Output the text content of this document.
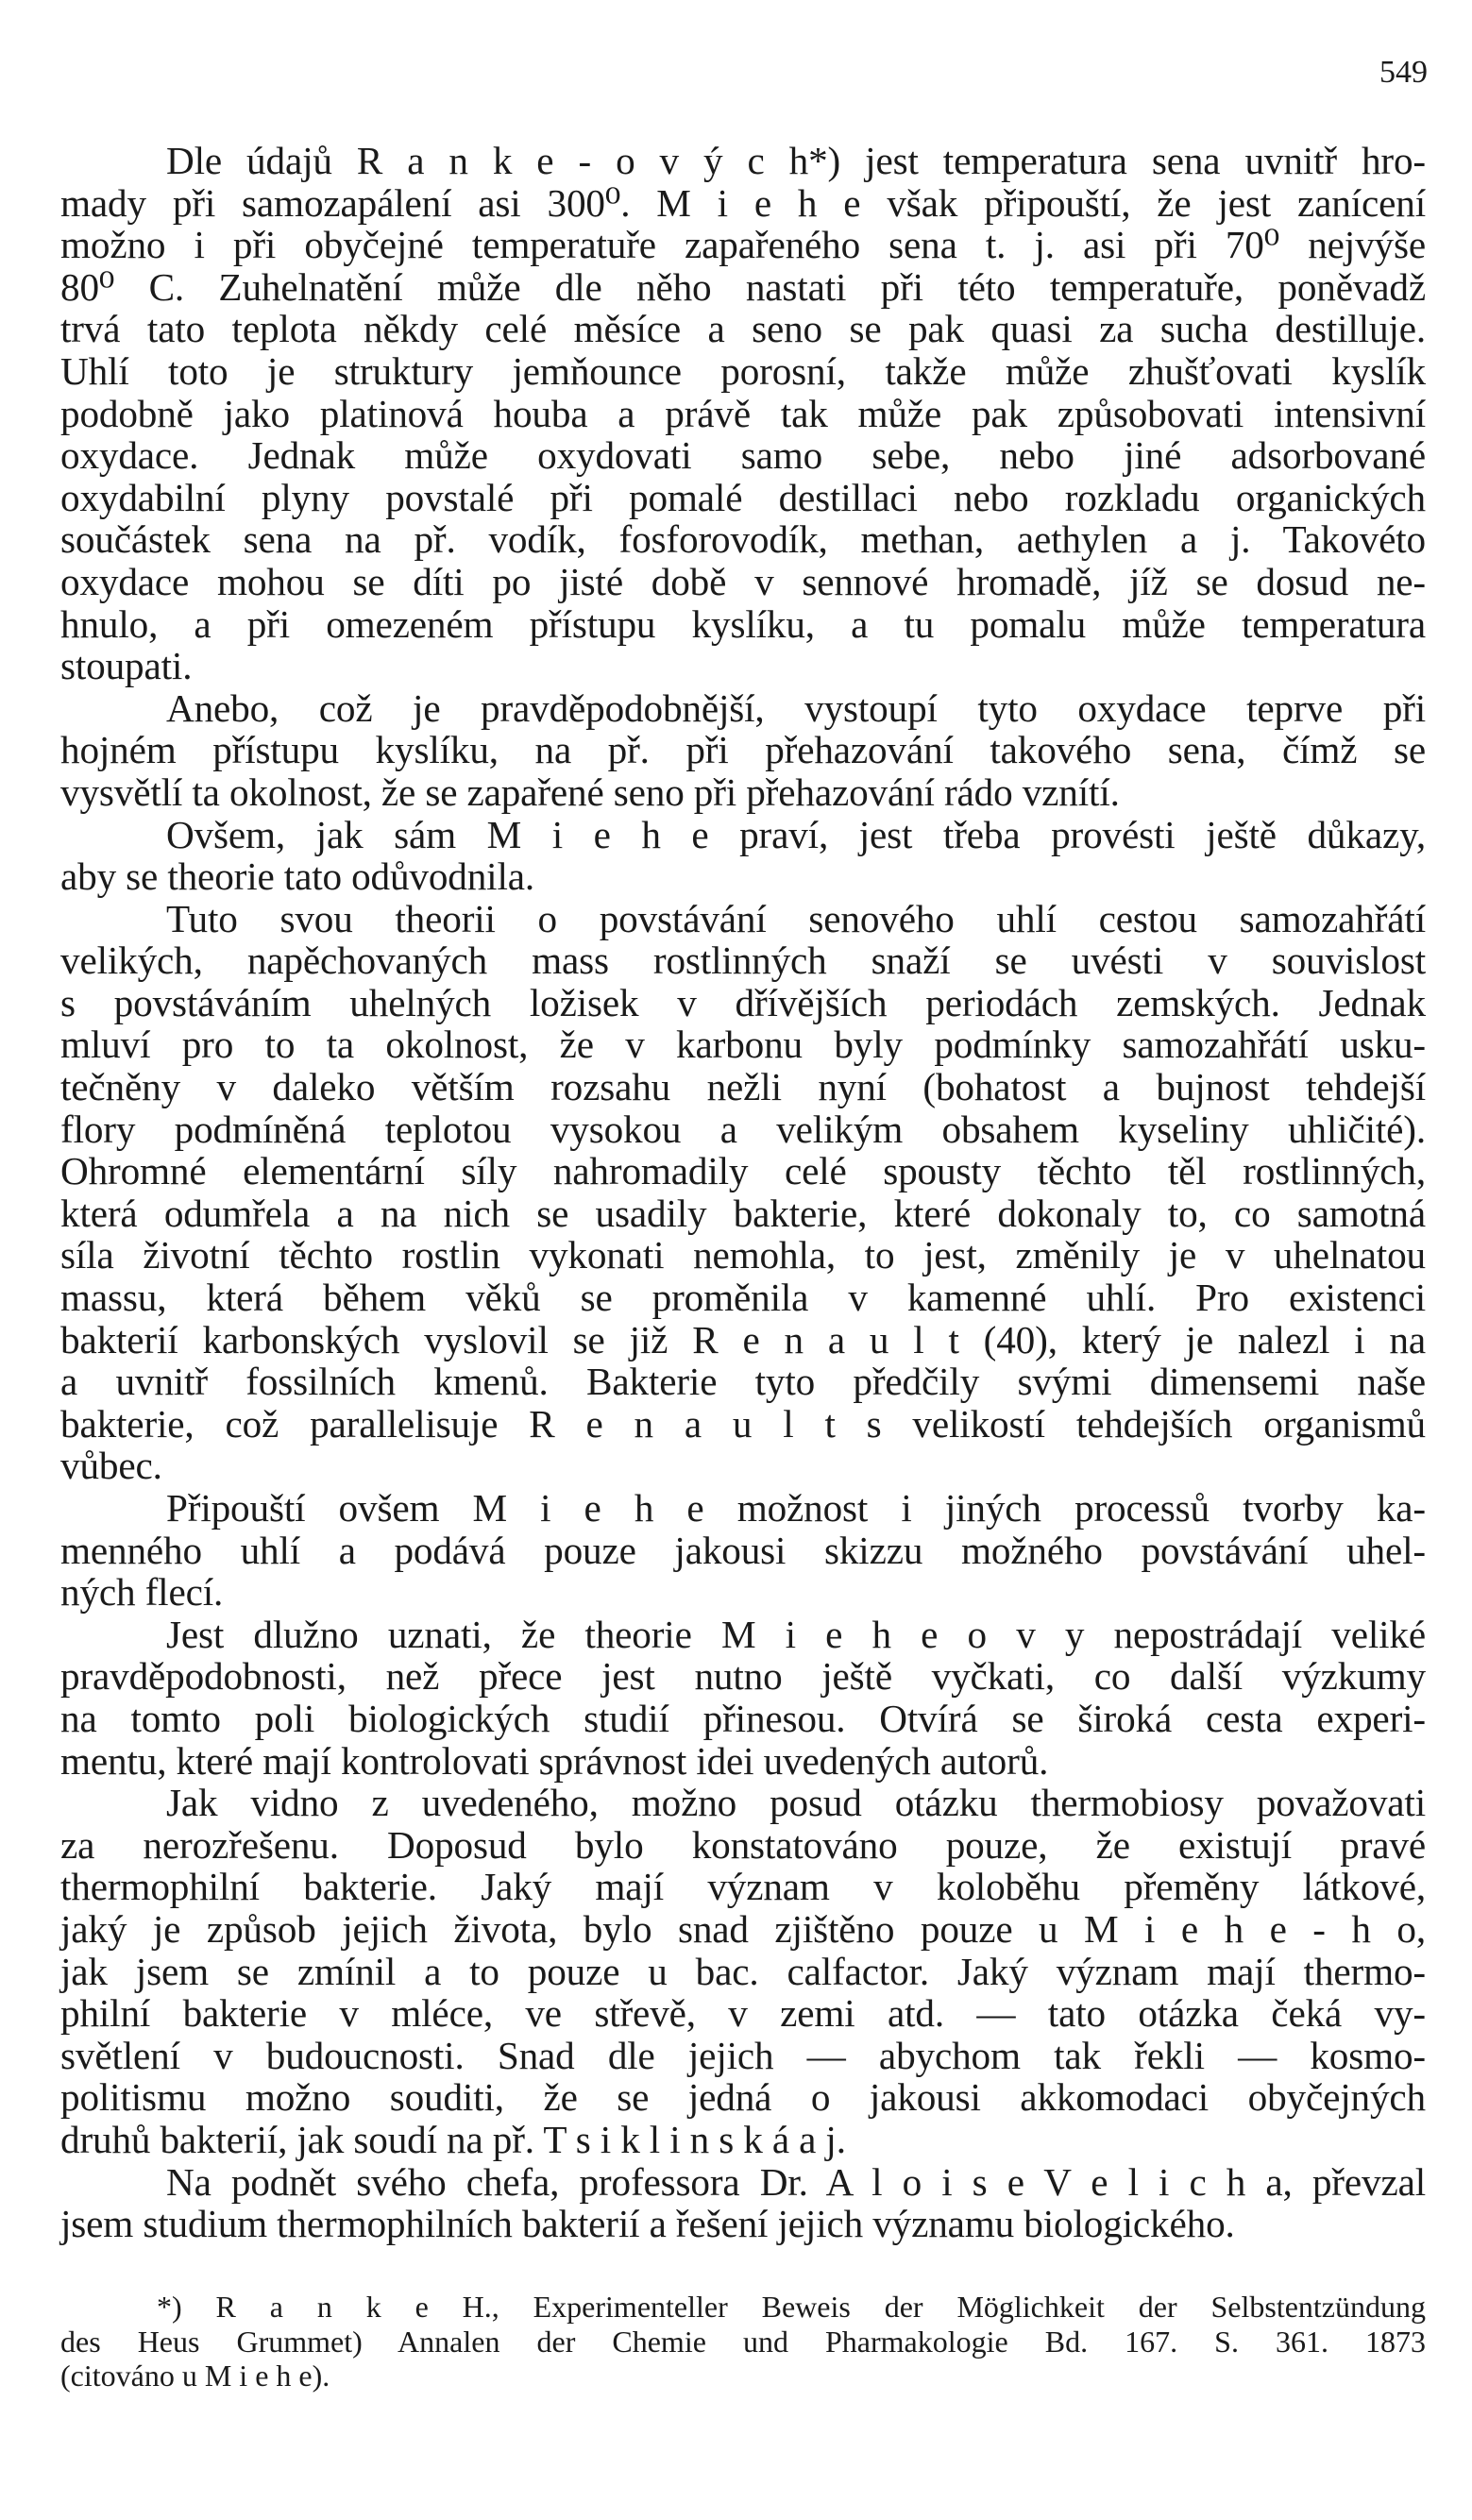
549

Dle údajů R a n k e - o v ý c h*) jest temperatura sena uvnitř hro-
mady při samozapálení asi 300⁰. M i e h e však připouští, že jest zanícení
možno i při obyčejné temperatuře zapařeného sena t. j. asi při 70⁰ nejvýše
80⁰ C. Zuhelnatění může dle něho nastati při této temperatuře, poněvadž
trvá tato teplota někdy celé měsíce a seno se pak quasi za sucha destilluje.
Uhlí toto je struktury jemňounce porosní, takže může zhušťovati kyslík
podobně jako platinová houba a právě tak může pak způsobovati intensivní
oxydace. Jednak může oxydovati samo sebe, nebo jiné adsorbované
oxydabilní plyny povstalé při pomalé destillaci nebo rozkladu organických
součástek sena na př. vodík, fosforovodík, methan, aethylen a j. Takovéto
oxydace mohou se díti po jisté době v sennové hromadě, jíž se dosud ne-
hnulo, a při omezeném přístupu kyslíku, a tu pomalu může temperatura
stoupati.

Anebo, což je pravděpodobnější, vystoupí tyto oxydace teprve při
hojném přístupu kyslíku, na př. při přehazování takového sena, čímž se
vysvětlí ta okolnost, že se zapařené seno při přehazování rádo vznítí.

Ovšem, jak sám M i e h e praví, jest třeba provésti ještě důkazy,
aby se theorie tato odůvodnila.

Tuto svou theorii o povstávání senového uhlí cestou samozahřátí
velikých, napěchovaných mass rostlinných snaží se uvésti v souvislost
s povstáváním uhelných ložisek v dřívějších periodách zemských. Jednak
mluví pro to ta okolnost, že v karbonu byly podmínky samozahřátí usku-
tečněny v daleko větším rozsahu nežli nyní (bohatost a bujnost tehdejší
flory podmíněná teplotou vysokou a velikým obsahem kyseliny uhličité).
Ohromné elementární síly nahromadily celé spousty těchto těl rostlinných,
která odumřela a na nich se usadily bakterie, které dokonaly to, co samotná
síla životní těchto rostlin vykonati nemohla, to jest, změnily je v uhelnatou
massu, která během věků se proměnila v kamenné uhlí. Pro existenci
bakterií karbonských vyslovil se již R e n a u l t (40), který je nalezl i na
a uvnitř fossilních kmenů. Bakterie tyto předčily svými dimensemi naše
bakterie, což parallelisuje R e n a u l t s velikostí tehdejších organismů
vůbec.

Připouští ovšem M i e h e možnost i jiných processů tvorby ka-
menného uhlí a podává pouze jakousi skizzu možného povstávání uhel-
ných flecí.

Jest dlužno uznati, že theorie M i e h e o v y nepostrádají veliké
pravděpodobnosti, než přece jest nutno ještě vyčkati, co další výzkumy
na tomto poli biologických studií přinesou. Otvírá se široká cesta experi-
mentu, které mají kontrolovati správnost idei uvedených autorů.

Jak vidno z uvedeného, možno posud otázku thermobiosy považovati
za nerozřešenu. Doposud bylo konstatováno pouze, že existují pravé
thermophilní bakterie. Jaký mají význam v koloběhu přeměny látkové,
jaký je způsob jejich života, bylo snad zjištěno pouze u M i e h e - h o,
jak jsem se zmínil a to pouze u bac. calfactor. Jaký význam mají thermo-
philní bakterie v mléce, ve střevě, v zemi atd. — tato otázka čeká vy-
světlení v budoucnosti. Snad dle jejich — abychom tak řekli — kosmo-
politismu možno souditi, že se jedná o jakousi akkomodaci obyčejných
druhů bakterií, jak soudí na př. T s i k l i n s k á a j.

Na podnět svého chefa, professora Dr. A l o i s e V e l i c h a, převzal
jsem studium thermophilních bakterií a řešení jejich významu biologického.

*) R a n k e H., Experimenteller Beweis der Möglichkeit der Selbstentzündung
des Heus Grummet) Annalen der Chemie und Pharmakologie Bd. 167. S. 361. 1873
(citováno u M i e h e).
